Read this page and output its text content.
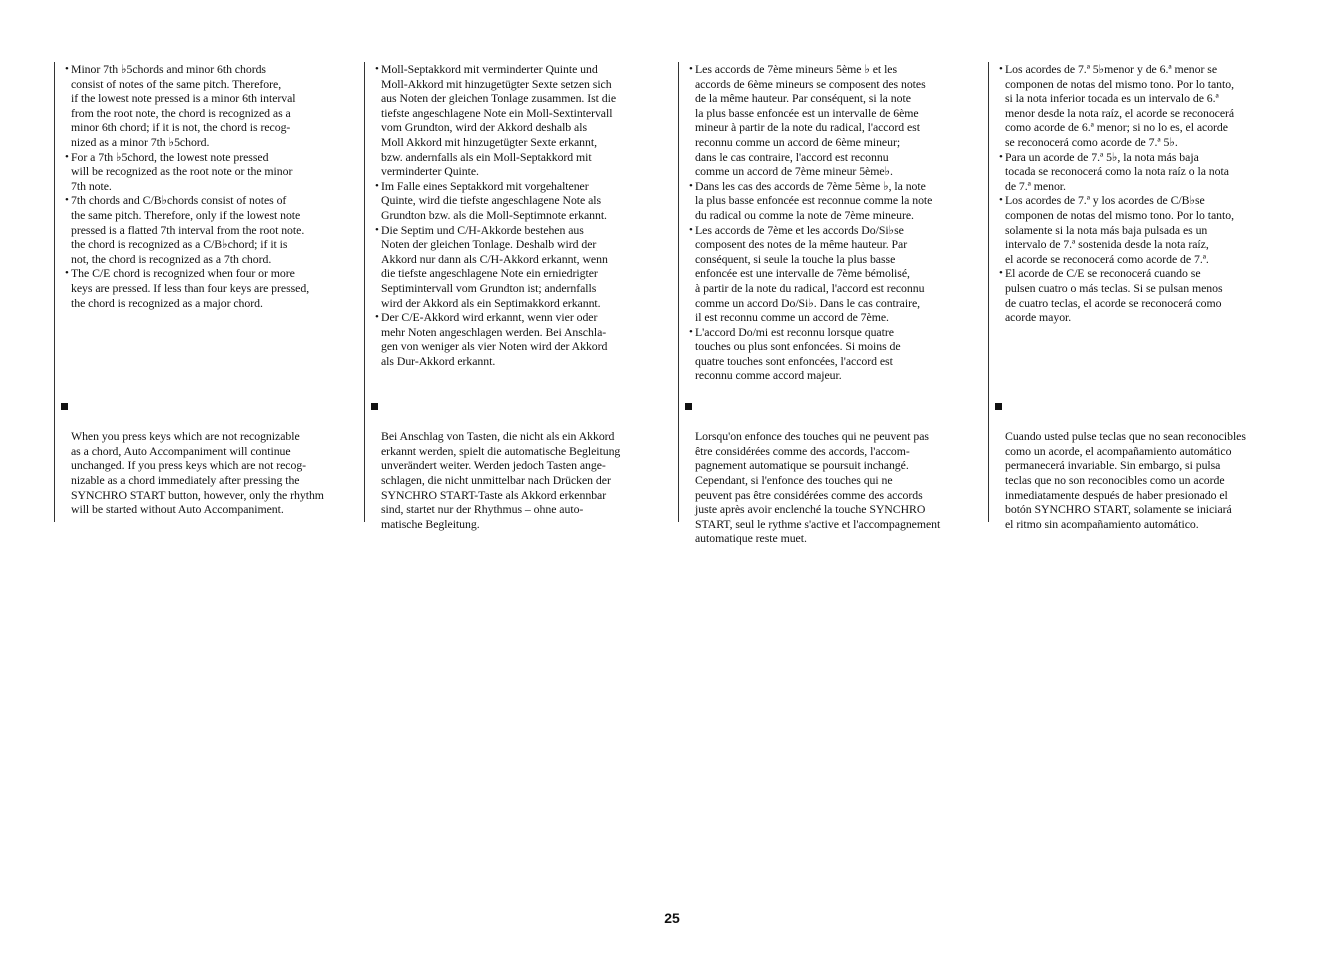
• Minor 7th ♭5chords and minor 6th chords
consist of notes of the same pitch. Therefore,
if the lowest note pressed is a minor 6th interval
from the root note, the chord is recognized as a
minor 6th chord; if it is not, the chord is recog-
nized as a minor 7th ♭5chord.
• For a 7th ♭5chord, the lowest note pressed
will be recognized as the root note or the minor
7th note.
• 7th chords and C/B♭chords consist of notes of
the same pitch. Therefore, only if the lowest note
pressed is a flatted 7th interval from the root note.
the chord is recognized as a C/B♭chord; if it is
not, the chord is recognized as a 7th chord.
• The C/E chord is recognized when four or more
keys are pressed. If less than four keys are pressed,
the chord is recognized as a major chord.

When you press keys which are not recognizable
as a chord, Auto Accompaniment will continue
unchanged. If you press keys which are not recog-
nizable as a chord immediately after pressing the
SYNCHRO START button, however, only the rhythm
will be started without Auto Accompaniment.

• Moll-Septakkord mit verminderter Quinte und
Moll-Akkord mit hinzugetügter Sexte setzen sich
aus Noten der gleichen Tonlage zusammen. Ist die
tiefste angeschlagene Note ein Moll-Sextintervall
vom Grundton, wird der Akkord deshalb als
Moll Akkord mit hinzugetügter Sexte erkannt,
bzw. andernfalls als ein Moll-Septakkord mit
verminderter Quinte.
• Im Falle eines Septakkord mit vorgehaltener
Quinte, wird die tiefste angeschlagene Note als
Grundton bzw. als die Moll-Septimnote erkannt.
• Die Septim und C/H-Akkorde bestehen aus
Noten der gleichen Tonlage. Deshalb wird der
Akkord nur dann als C/H-Akkord erkannt, wenn
die tiefste angeschlagene Note ein erniedrigter
Septimintervall vom Grundton ist; andernfalls
wird der Akkord als ein Septimakkord erkannt.
• Der C/E-Akkord wird erkannt, wenn vier oder
mehr Noten angeschlagen werden. Bei Anschla-
gen von weniger als vier Noten wird der Akkord
als Dur-Akkord erkannt.

Bei Anschlag von Tasten, die nicht als ein Akkord
erkannt werden, spielt die automatische Begleitung
unverändert weiter. Werden jedoch Tasten ange-
schlagen, die nicht unmittelbar nach Drücken der
SYNCHRO START-Taste als Akkord erkennbar
sind, startet nur der Rhythmus – ohne auto-
matische Begleitung.

• Les accords de 7ème mineurs 5ème ♭ et les
accords de 6ème mineurs se composent des notes
de la même hauteur. Par conséquent, si la note
la plus basse enfoncée est un intervalle de 6ème
mineur à partir de la note du radical, l'accord est
reconnu comme un accord de 6ème mineur;
dans le cas contraire, l'accord est reconnu
comme un accord de 7ème mineur 5ème♭.
• Dans les cas des accords de 7ème 5ème ♭, la note
la plus basse enfoncée est reconnue comme la note
du radical ou comme la note de 7ème mineure.
• Les accords de 7ème et les accords Do/Si♭se
composent des notes de la même hauteur. Par
conséquent, si seule la touche la plus basse
enfoncée est une intervalle de 7ème bémolisé,
à partir de la note du radical, l'accord est reconnu
comme un accord Do/Si♭. Dans le cas contraire,
il est reconnu comme un accord de 7ème.
• L'accord Do/mi est reconnu lorsque quatre
touches ou plus sont enfoncées. Si moins de
quatre touches sont enfoncées, l'accord est
reconnu comme accord majeur.

Lorsqu'on enfonce des touches qui ne peuvent pas
être considérées comme des accords, l'accom-
pagnement automatique se poursuit inchangé.
Cependant, si l'enfonce des touches qui ne
peuvent pas être considérées comme des accords
juste après avoir enclenché la touche SYNCHRO
START, seul le rythme s'active et l'accompagnement
automatique reste muet.

• Los acordes de 7.ª 5♭menor y de 6.ª menor se
componen de notas del mismo tono. Por lo tanto,
si la nota inferior tocada es un intervalo de 6.ª
menor desde la nota raíz, el acorde se reconocerá
como acorde de 6.ª menor; si no lo es, el acorde
se reconocerá como acorde de 7.ª 5♭.
• Para un acorde de 7.ª 5♭, la nota más baja
tocada se reconocerá como la nota raíz o la nota
de 7.ª menor.
• Los acordes de 7.ª y los acordes de C/B♭se
componen de notas del mismo tono. Por lo tanto,
solamente si la nota más baja pulsada es un
intervalo de 7.ª sostenida desde la nota raíz,
el acorde se reconocerá como acorde de 7.ª.
• El acorde de C/E se reconocerá cuando se
pulsen cuatro o más teclas. Si se pulsan menos
de cuatro teclas, el acorde se reconocerá como
acorde mayor.

Cuando usted pulse teclas que no sean reconocibles
como un acorde, el acompañamiento automático
permanecerá invariable. Sin embargo, si pulsa
teclas que no son reconocibles como un acorde
inmediatamente después de haber presionado el
botón SYNCHRO START, solamente se iniciará
el ritmo sin acompañamiento automático.

25
